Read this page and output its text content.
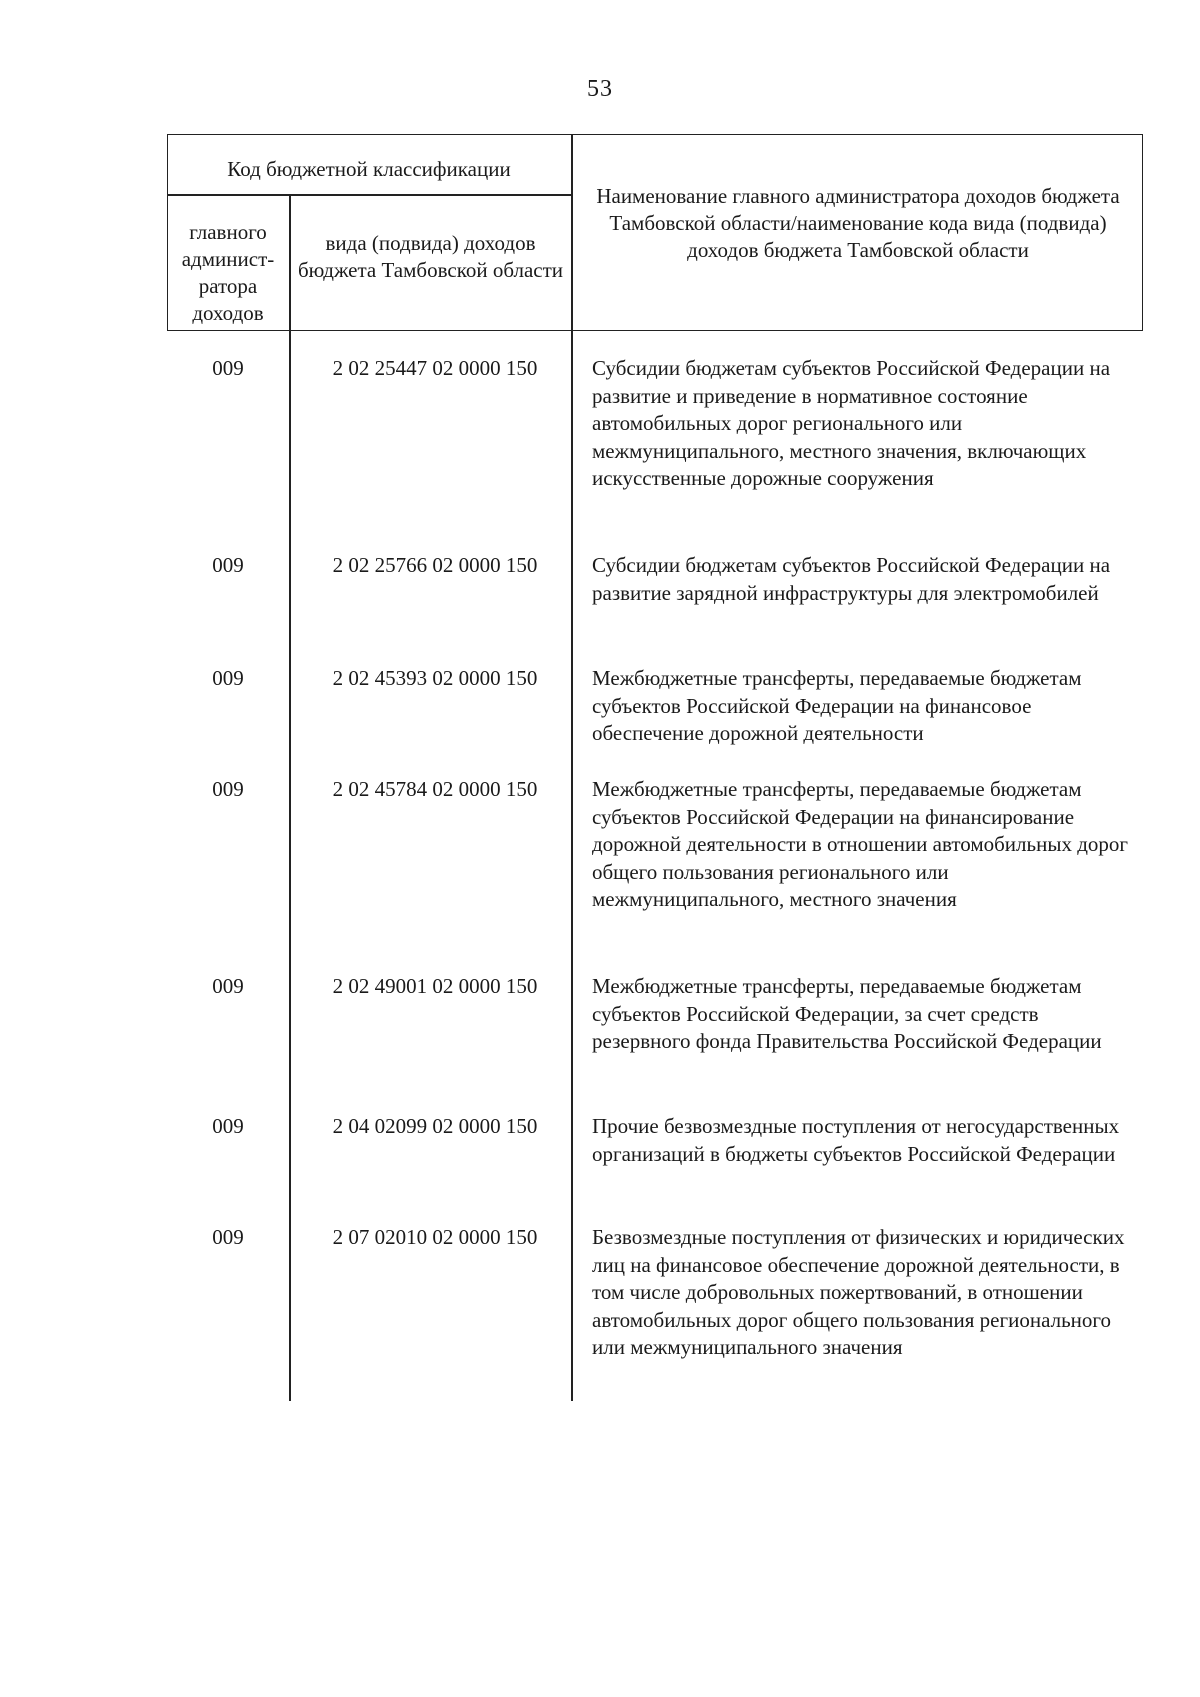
53
Код бюджетной классификации
главного админист-ратора доходов
вида (подвида) доходов бюджета Тамбовской области
Наименование главного администратора доходов бюджета Тамбовской области/наименование кода вида (подвида) доходов бюджета Тамбовской области
009	2 02 25447 02 0000 150	Субсидии бюджетам субъектов Российской Федерации на развитие и приведение в нормативное состояние автомобильных дорог регионального или межмуниципального, местного значения, включающих искусственные дорожные сооружения
009	2 02 25766 02 0000 150	Субсидии бюджетам субъектов Российской Федерации на развитие зарядной инфраструктуры для электромобилей
009	2 02 45393 02 0000 150	Межбюджетные трансферты, передаваемые бюджетам субъектов Российской Федерации на финансовое обеспечение дорожной деятельности
009	2 02 45784 02 0000 150	Межбюджетные трансферты, передаваемые бюджетам субъектов Российской Федерации на финансирование дорожной деятельности в отношении автомобильных дорог общего пользования регионального или межмуниципального, местного значения
009	2 02 49001 02 0000 150	Межбюджетные трансферты, передаваемые бюджетам субъектов Российской Федерации, за счет средств резервного фонда Правительства Российской Федерации
009	2 04 02099 02 0000 150	Прочие безвозмездные поступления от негосударственных организаций в бюджеты субъектов Российской Федерации
009	2 07 02010 02 0000 150	Безвозмездные поступления от физических и юридических лиц на финансовое обеспечение дорожной деятельности, в том числе добровольных пожертвований, в отношении автомобильных дорог общего пользования регионального или межмуниципального значения
